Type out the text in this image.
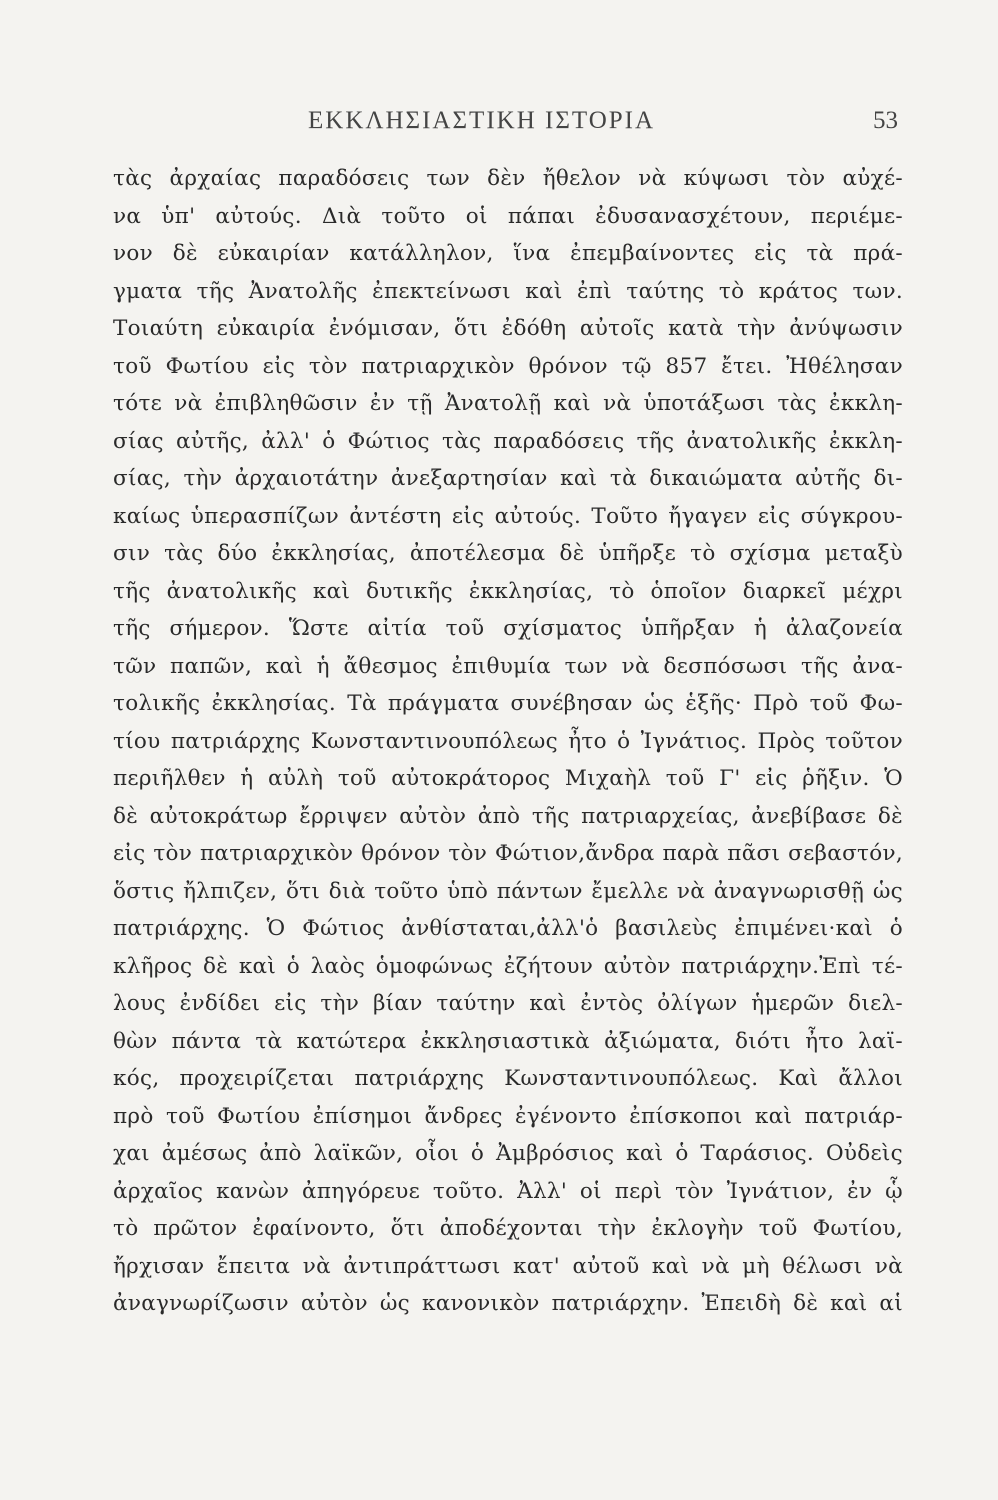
ΕΚΚΛΗΣΙΑΣΤΙΚΗ ΙΣΤΟΡΙΑ	53
τὰς ἀρχαίας παραδόσεις των δὲν ἤθελον νὰ κύψωσι τὸν αὐχέ-
να ὑπ' αὐτούς. Διὰ τοῦτο οἱ πάπαι ἐδυσανασχέτουν, περιέμε-
νον δὲ εὐκαιρίαν κατάλληλον, ἵνα ἐπεμβαίνοντες εἰς τὰ πρά-
γματα τῆς Ἀνατολῆς ἐπεκτείνωσι καὶ ἐπὶ ταύτης τὸ κράτος των.
Τοιαύτη εὐκαιρία ἐνόμισαν, ὅτι ἐδόθη αὐτοῖς κατὰ τὴν ἀνύψωσιν
τοῦ Φωτίου εἰς τὸν πατριαρχικὸν θρόνον τῷ 857 ἔτει. Ἠθέλησαν
τότε νὰ ἐπιβληθῶσιν ἐν τῇ Ἀνατολῇ καὶ νὰ ὑποτάξωσι τὰς ἐκκλη-
σίας αὐτῆς, ἀλλ' ὁ Φώτιος τὰς παραδόσεις τῆς ἀνατολικῆς ἐκκλη-
σίας, τὴν ἀρχαιοτάτην ἀνεξαρτησίαν καὶ τὰ δικαιώματα αὐτῆς δι-
καίως ὑπερασπίζων ἀντέστη εἰς αὐτούς. Τοῦτο ἤγαγεν εἰς σύγκρου-
σιν τὰς δύο ἐκκλησίας, ἀποτέλεσμα δὲ ὑπῆρξε τὸ σχίσμα μεταξὺ
τῆς ἀνατολικῆς καὶ δυτικῆς ἐκκλησίας, τὸ ὁποῖον διαρκεῖ μέχρι
τῆς σήμερον. Ὥστε αἰτία τοῦ σχίσματος ὑπῆρξαν ἡ ἀλαζονεία
τῶν παπῶν, καὶ ἡ ἄθεσμος ἐπιθυμία των νὰ δεσπόσωσι τῆς ἀνα-
τολικῆς ἐκκλησίας. Τὰ πράγματα συνέβησαν ὡς ἑξῆς· Πρὸ τοῦ Φω-
τίου πατριάρχης Κωνσταντινουπόλεως ἦτο ὁ Ἰγνάτιος. Πρὸς τοῦτον
περιῆλθεν ἡ αὐλὴ τοῦ αὐτοκράτορος Μιχαὴλ τοῦ Γ' εἰς ῥῆξιν. Ὁ
δὲ αὐτοκράτωρ ἔρριψεν αὐτὸν ἀπὸ τῆς πατριαρχείας, ἀνεβίβασε δὲ
εἰς τὸν πατριαρχικὸν θρόνον τὸν Φώτιον,ἄνδρα παρὰ πᾶσι σεβαστόν,
ὅστις ἤλπιζεν, ὅτι διὰ τοῦτο ὑπὸ πάντων ἔμελλε νὰ ἀναγνωρισθῇ ὡς
πατριάρχης. Ὁ Φώτιος ἀνθίσταται,ἀλλ'ὁ βασιλεὺς ἐπιμένει·καὶ ὁ
κλῆρος δὲ καὶ ὁ λαὸς ὁμοφώνως ἐζήτουν αὐτὸν πατριάρχην.Ἐπὶ τέ-
λους ἐνδίδει εἰς τὴν βίαν ταύτην καὶ ἐντὸς ὀλίγων ἡμερῶν διελ-
θὼν πάντα τὰ κατώτερα ἐκκλησιαστικὰ ἀξιώματα, διότι ἦτο λαϊ-
κός, προχειρίζεται πατριάρχης Κωνσταντινουπόλεως. Καὶ ἄλλοι
πρὸ τοῦ Φωτίου ἐπίσημοι ἄνδρες ἐγένοντο ἐπίσκοποι καὶ πατριάρ-
χαι ἀμέσως ἀπὸ λαϊκῶν, οἷοι ὁ Ἀμβρόσιος καὶ ὁ Ταράσιος. Οὐδεὶς
ἀρχαῖος κανὼν ἀπηγόρευε τοῦτο. Ἀλλ' οἱ περὶ τὸν Ἰγνάτιον, ἐν ᾧ
τὸ πρῶτον ἐφαίνοντο, ὅτι ἀποδέχονται τὴν ἐκλογὴν τοῦ Φωτίου,
ἤρχισαν ἔπειτα νὰ ἀντιπράττωσι κατ' αὐτοῦ καὶ νὰ μὴ θέλωσι νὰ
ἀναγνωρίζωσιν αὐτὸν ὡς κανονικὸν πατριάρχην. Ἐπειδὴ δὲ καὶ αἱ
